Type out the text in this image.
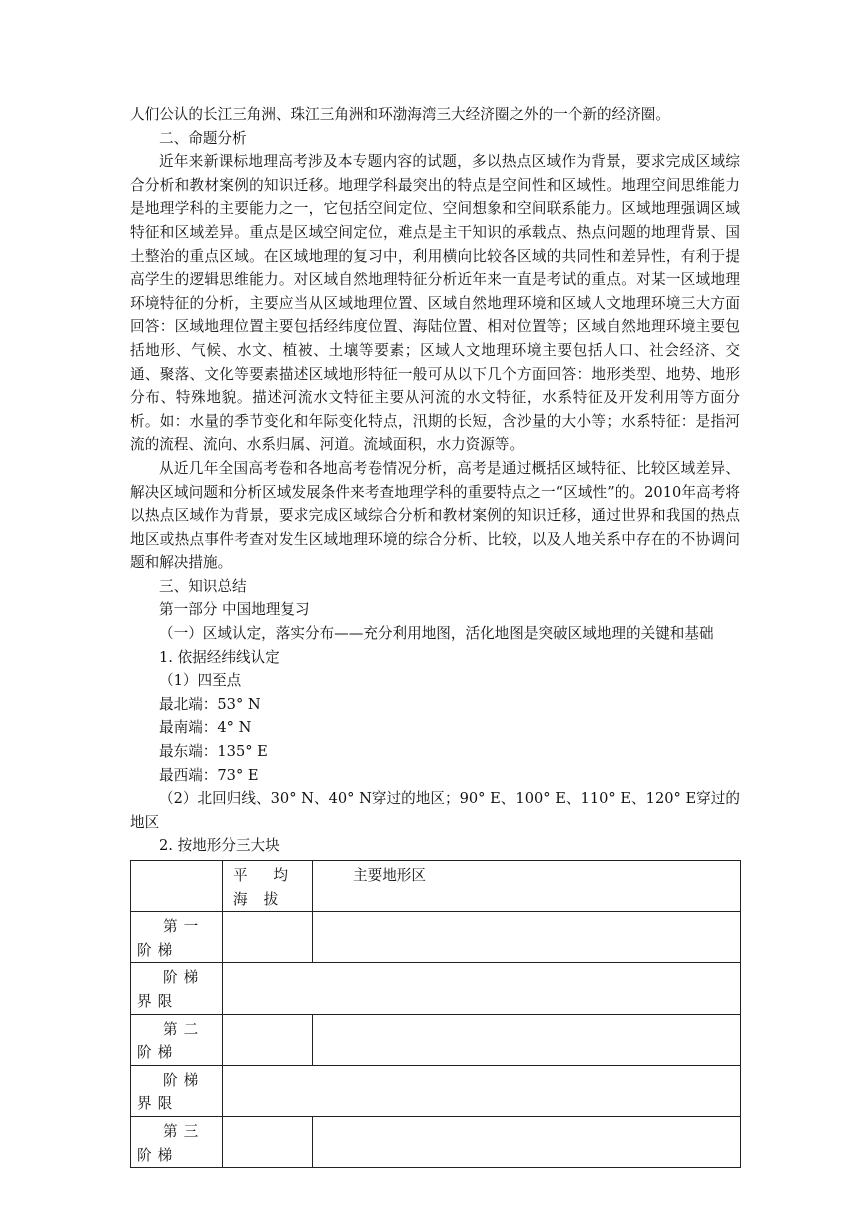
人们公认的长江三角洲、珠江三角洲和环渤海湾三大经济圈之外的一个新的经济圈。

二、命题分析

近年来新课标地理高考涉及本专题内容的试题，多以热点区域作为背景，要求完成区域综合分析和教材案例的知识迁移。地理学科最突出的特点是空间性和区域性。地理空间思维能力是地理学科的主要能力之一，它包括空间定位、空间想象和空间联系能力。区域地理强调区域特征和区域差异。重点是区域空间定位，难点是主干知识的承载点、热点问题的地理背景、国土整治的重点区域。在区域地理的复习中，利用横向比较各区域的共同性和差异性，有利于提高学生的逻辑思维能力。对区域自然地理特征分析近年来一直是考试的重点。对某一区域地理环境特征的分析，主要应当从区域地理位置、区域自然地理环境和区域人文地理环境三大方面回答：区域地理位置主要包括经纬度位置、海陆位置、相对位置等；区域自然地理环境主要包括地形、气候、水文、植被、土壤等要素；区域人文地理环境主要包括人口、社会经济、交通、聚落、文化等要素描述区域地形特征一般可从以下几个方面回答：地形类型、地势、地形分布、特殊地貌。描述河流水文特征主要从河流的水文特征，水系特征及开发利用等方面分析。如：水量的季节变化和年际变化特点，汛期的长短，含沙量的大小等；水系特征：是指河流的流程、流向、水系归属、河道。流域面积，水力资源等。

从近几年全国高考卷和各地高考卷情况分析，高考是通过概括区域特征、比较区域差异、解决区域问题和分析区域发展条件来考查地理学科的重要特点之一“区域性”的。2010年高考将以热点区域作为背景，要求完成区域综合分析和教材案例的知识迁移，通过世界和我国的热点地区或热点事件考查对发生区域地理环境的综合分析、比较，以及人地关系中存在的不协调问题和解决措施。

三、知识总结

第一部分 中国地理复习

（一）区域认定，落实分布——充分利用地图，活化地图是突破区域地理的关键和基础

1. 依据经纬线认定

（1）四至点

最北端：53° N

最南端：4° N

最东端：135° E

最西端：73° E

（2）北回归线、30° N、40° N穿过的地区；90° E、100° E、110° E、120° E穿过的地区

2. 按地形分三大块

	平均海拔	主要地形区
第一阶梯		
阶梯界限		
第二阶梯		
阶梯界限		
第三阶梯		
